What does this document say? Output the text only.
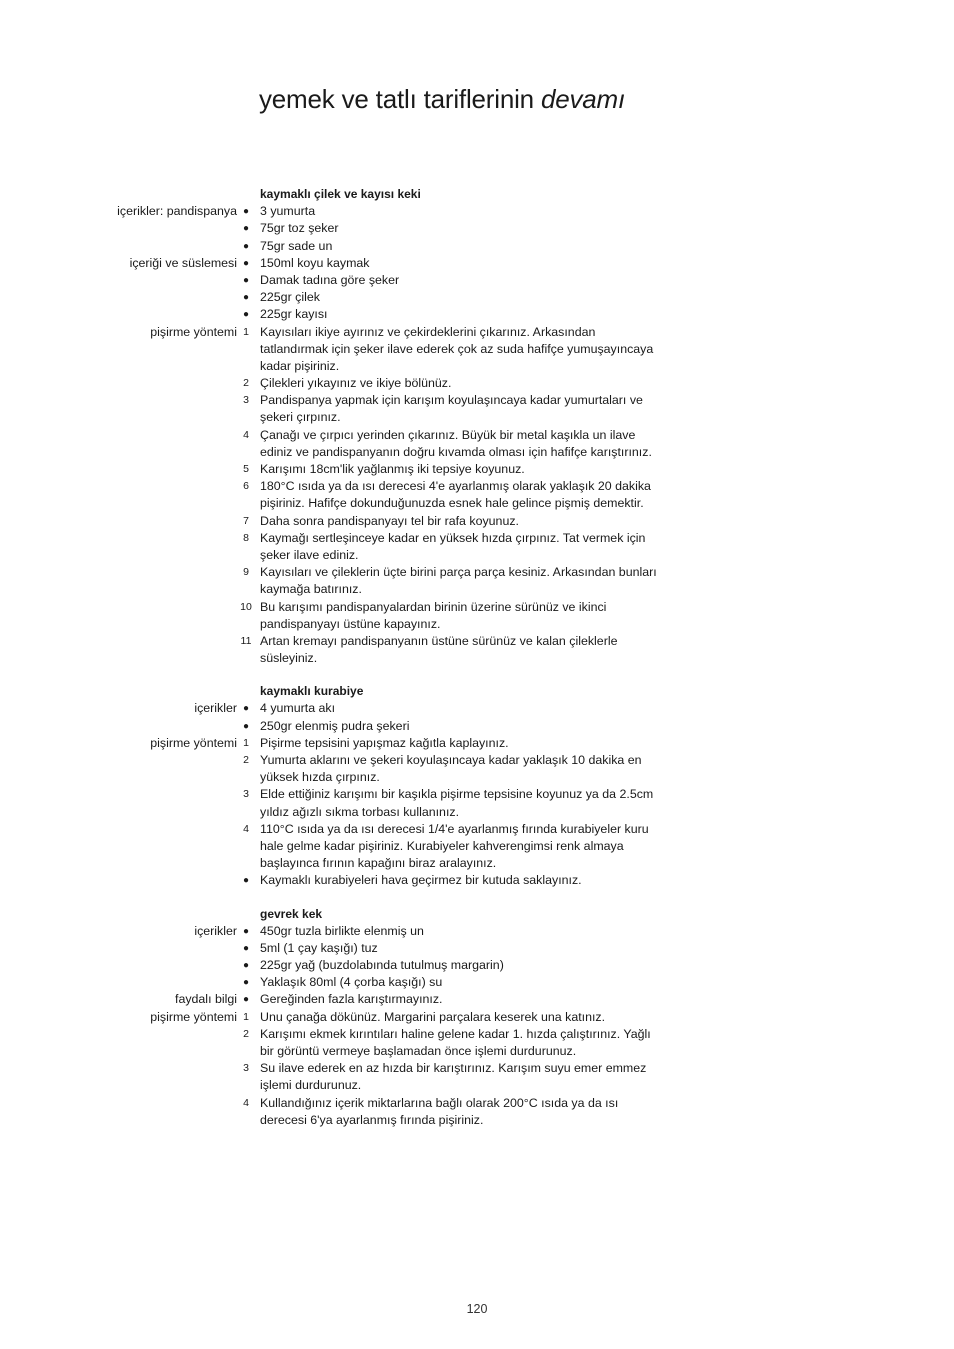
yemek ve tatlı tariflerinin devamı
kaymaklı çilek ve kayısı keki
içerikler: pandispanya ● 3 yumurta
● 75gr toz şeker
● 75gr sade un
içeriği ve süslemesi ● 150ml koyu kaymak
● Damak tadına göre şeker
● 225gr çilek
● 225gr kayısı
pişirme yöntemi 1 Kayısıları ikiye ayırınız ve çekirdeklerini çıkarınız. Arkasından
tatlandırmak için şeker ilave ederek çok az suda hafifçe yumuşayıncaya
kadar pişiriniz.
2 Çilekleri yıkayınız ve ikiye bölünüz.
3 Pandispanya yapmak için karışım koyulaşıncaya kadar yumurtaları ve
şekeri çırpınız.
4 Çanağı ve çırpıcı yerinden çıkarınız. Büyük bir metal kaşıkla un ilave
ediniz ve pandispanyanın doğru kıvamda olması için hafifçe karıştırınız.
5 Karışımı 18cm'lik yağlanmış iki tepsiye koyunuz.
6 180°C ısıda ya da ısı derecesi 4'e ayarlanmış olarak yaklaşık 20 dakika
pişiriniz. Hafifçe dokunduğunuzda esnek hale gelince pişmiş demektir.
7 Daha sonra pandispanyayı tel bir rafa koyunuz.
8 Kaymağı sertleşinceye kadar en yüksek hızda çırpınız. Tat vermek için
şeker ilave ediniz.
9 Kayısıları ve çileklerin üçte birini parça parça kesiniz. Arkasından bunları
kaymağa batırınız.
10 Bu karışımı pandispanyalardan birinin üzerine sürünüz ve ikinci
pandispanyayı üstüne kapayınız.
11 Artan kremayı pandispanyanın üstüne sürünüz ve kalan çileklerle
süsleyiniz.
kaymaklı kurabiye
içerikler ● 4 yumurta akı
● 250gr elenmiş pudra şekeri
pişirme yöntemi 1 Pişirme tepsisini yapışmaz kağıtla kaplayınız.
2 Yumurta aklarını ve şekeri koyulaşıncaya kadar yaklaşık 10 dakika en
yüksek hızda çırpınız.
3 Elde ettiğiniz karışımı bir kaşıkla pişirme tepsisine koyunuz ya da 2.5cm
yıldız ağızlı sıkma torbası kullanınız.
4 110°C ısıda ya da ısı derecesi 1/4'e ayarlanmış fırında kurabiyeler kuru
hale gelme kadar pişiriniz. Kurabiyeler kahverengimsi renk almaya
başlayınca fırının kapağını biraz aralayınız.
● Kaymaklı kurabiyeleri hava geçirmez bir kutuda saklayınız.
gevrek kek
içerikler ● 450gr tuzla birlikte elenmiş un
● 5ml (1 çay kaşığı) tuz
● 225gr yağ (buzdolabında tutulmuş margarin)
● Yaklaşık 80ml (4 çorba kaşığı) su
faydalı bilgi ● Gereğinden fazla karıştırmayınız.
pişirme yöntemi 1 Unu çanağa dökünüz. Margarini parçalara keserek una katınız.
2 Karışımı ekmek kırıntıları haline gelene kadar 1. hızda çalıştırınız. Yağlı
bir görüntü vermeye başlamadan önce işlemi durdurunuz.
3 Su ilave ederek en az hızda bir karıştırınız. Karışım suyu emer emmez
işlemi durdurunuz.
4 Kullandığınız içerik miktarlarına bağlı olarak 200°C ısıda ya da ısı
derecesi 6'ya ayarlanmış fırında pişiriniz.
120
